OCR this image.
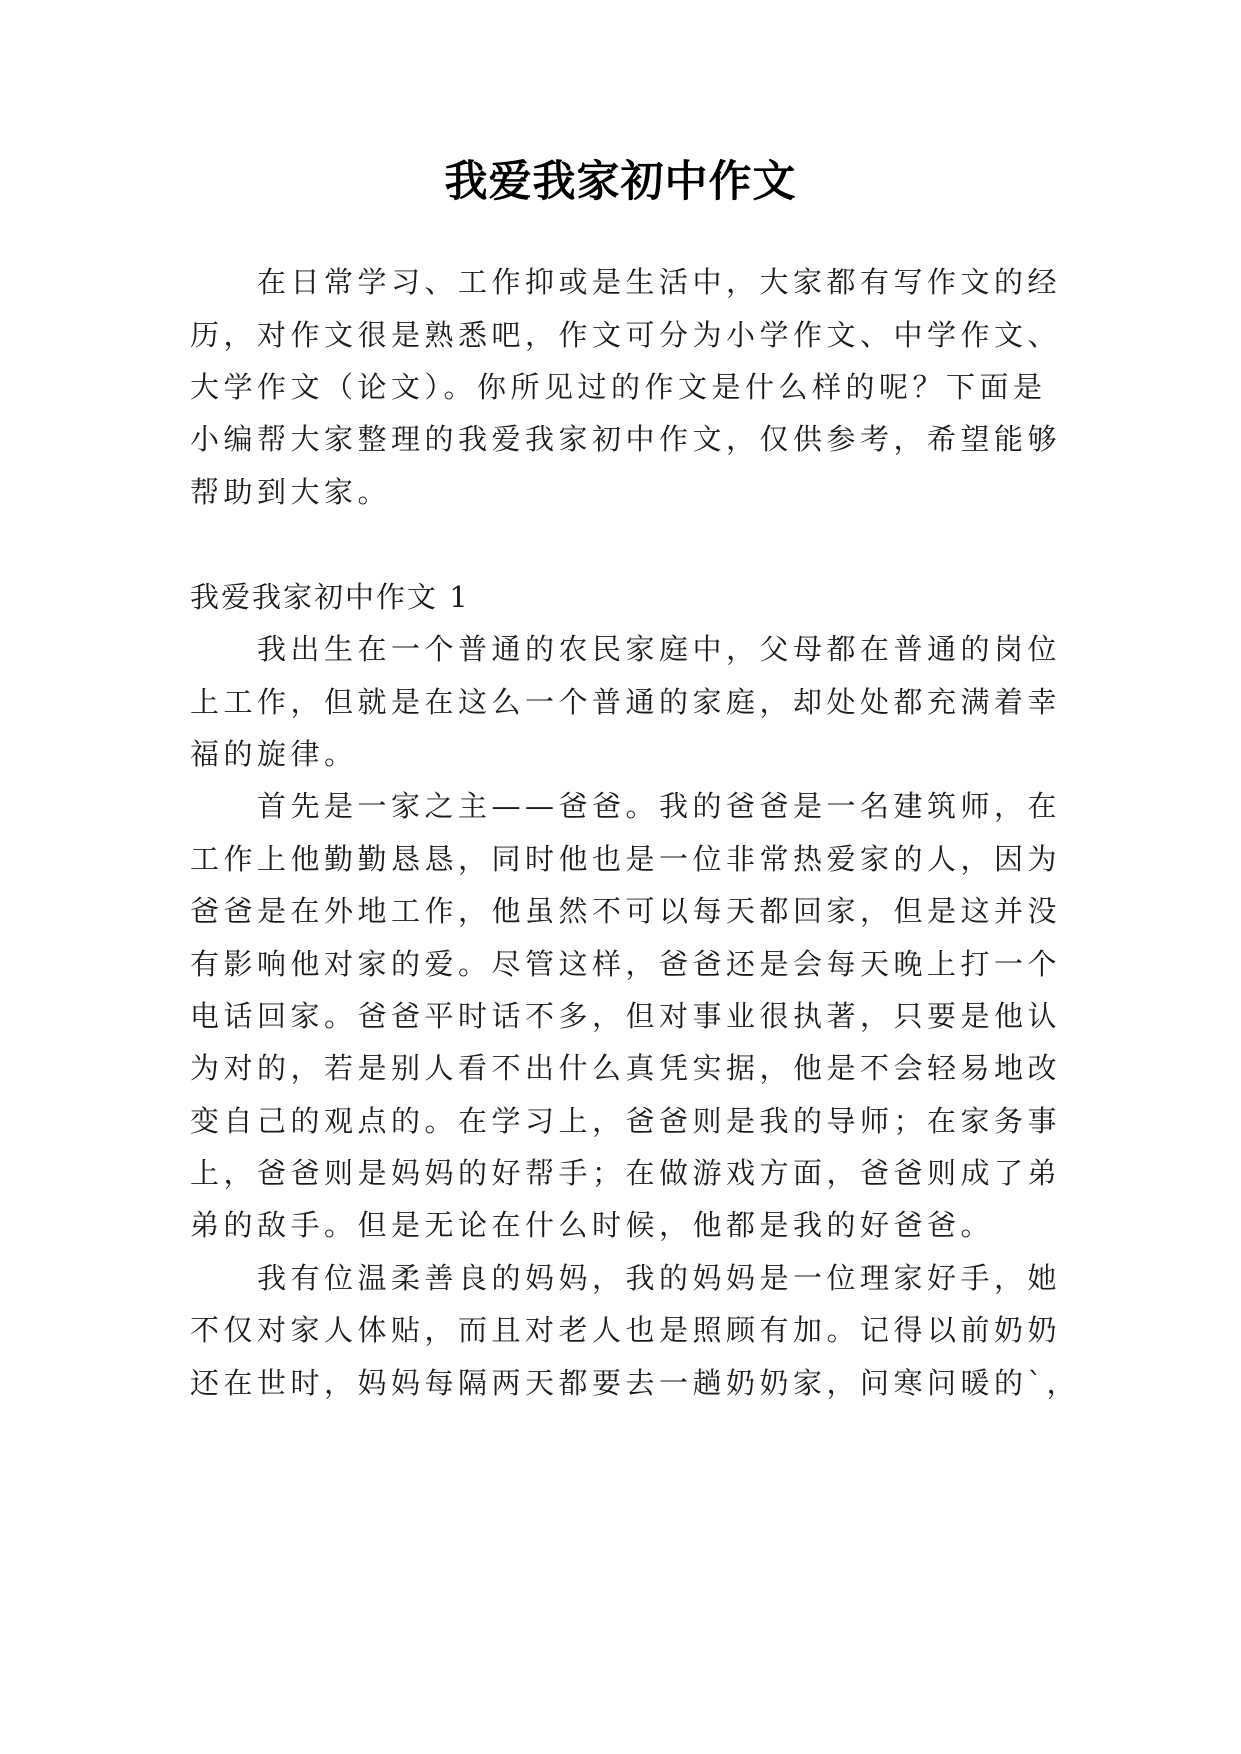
我爱我家初中作文

在日常学习、工作抑或是生活中，大家都有写作文的经

历，对作文很是熟悉吧，作文可分为小学作文、中学作文、

大学作文（论文）。你所见过的作文是什么样的呢？下面是

小编帮大家整理的我爱我家初中作文，仅供参考，希望能够

帮助到大家。

我爱我家初中作文 1

我出生在一个普通的农民家庭中，父母都在普通的岗位

上工作，但就是在这么一个普通的家庭，却处处都充满着幸

福的旋律。

首先是一家之主——爸爸。我的爸爸是一名建筑师，在

工作上他勤勤恳恳，同时他也是一位非常热爱家的人，因为

爸爸是在外地工作，他虽然不可以每天都回家，但是这并没

有影响他对家的爱。尽管这样，爸爸还是会每天晚上打一个

电话回家。爸爸平时话不多，但对事业很执著，只要是他认

为对的，若是别人看不出什么真凭实据，他是不会轻易地改

变自己的观点的。在学习上，爸爸则是我的导师；在家务事

上，爸爸则是妈妈的好帮手；在做游戏方面，爸爸则成了弟

弟的敌手。但是无论在什么时候，他都是我的好爸爸。

我有位温柔善良的妈妈，我的妈妈是一位理家好手，她

不仅对家人体贴，而且对老人也是照顾有加。记得以前奶奶

还在世时，妈妈每隔两天都要去一趟奶奶家，问寒问暖的`，
